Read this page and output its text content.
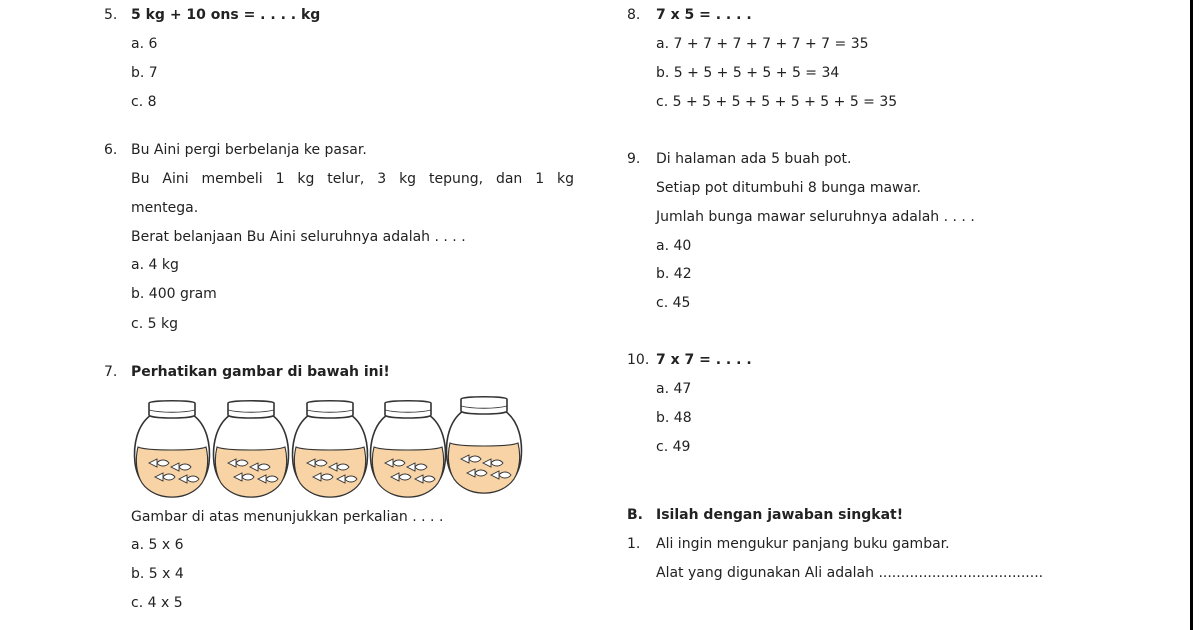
5. 5 kg + 10 ons = . . . . kg
a. 6
b. 7
c. 8
6. Bu Aini pergi berbelanja ke pasar.
Bu Aini membeli 1 kg telur, 3 kg tepung, dan 1 kg
mentega.
Berat belanjaan Bu Aini seluruhnya adalah . . . .
a. 4 kg
b. 400 gram
c. 5 kg
7. Perhatikan gambar di bawah ini!
Gambar di atas menunjukkan perkalian . . . .
a. 5 x 6
b. 5 x 4
c. 4 x 5
8. 7 x 5 = . . . .
a. 7 + 7 + 7 + 7 + 7 + 7 = 35
b. 5 + 5 + 5 + 5 + 5 = 34
c. 5 + 5 + 5 + 5 + 5 + 5 + 5 = 35
9. Di halaman ada 5 buah pot.
Setiap pot ditumbuhi 8 bunga mawar.
Jumlah bunga mawar seluruhnya adalah . . . .
a. 40
b. 42
c. 45
10. 7 x 7 = . . . .
a. 47
b. 48
c. 49
B. Isilah dengan jawaban singkat!
1. Ali ingin mengukur panjang buku gambar.
Alat yang digunakan Ali adalah .....................................
